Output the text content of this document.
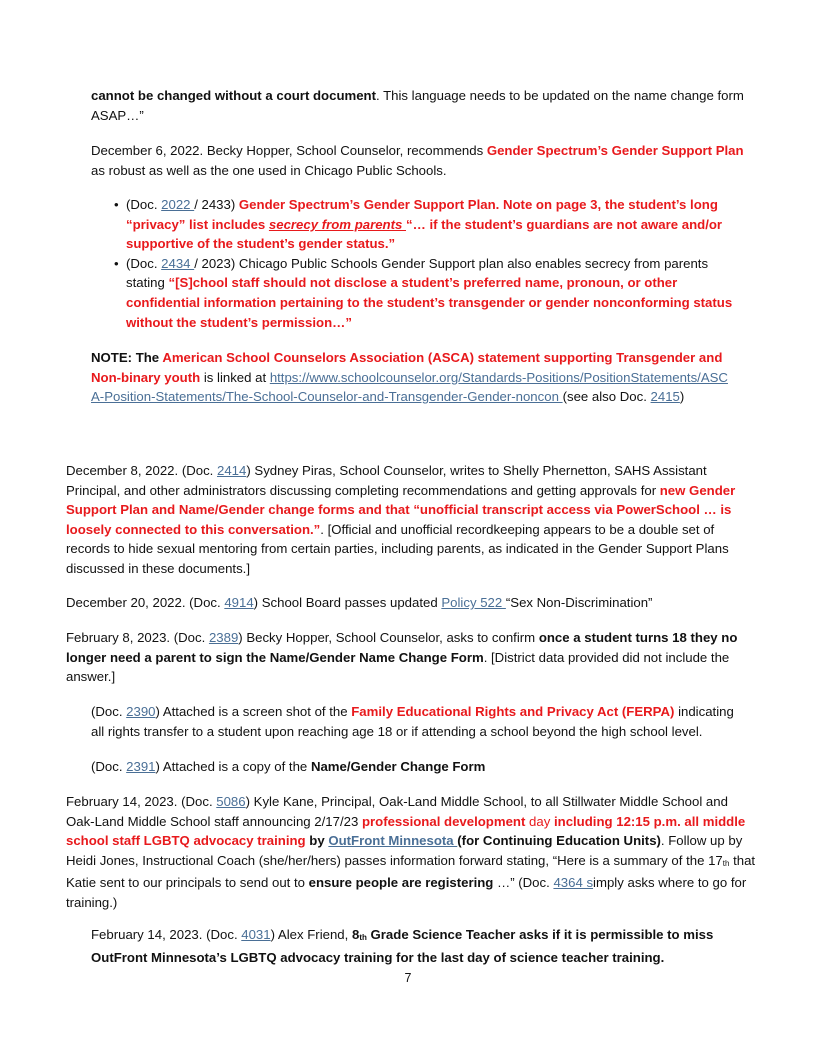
cannot be changed without a court document. This language needs to be updated on the name change form ASAP…”

December 6, 2022. Becky Hopper, School Counselor, recommends Gender Spectrum’s Gender Support Plan as robust as well as the one used in Chicago Public Schools.

• (Doc. 2022 / 2433) Gender Spectrum’s Gender Support Plan. Note on page 3, the student’s long “privacy” list includes secrecy from parents “… if the student’s guardians are not aware and/or supportive of the student’s gender status.”
• (Doc. 2434 / 2023) Chicago Public Schools Gender Support plan also enables secrecy from parents stating “[S]chool staff should not disclose a student’s preferred name, pronoun, or other confidential information pertaining to the student’s transgender or gender nonconforming status without the student’s permission…”

NOTE: The American School Counselors Association (ASCA) statement supporting Transgender and Non-binary youth is linked at https://www.schoolcounselor.org/Standards-Positions/PositionStatements/ASCA-Position-Statements/The-School-Counselor-and-Transgender-Gender-noncon (see also Doc. 2415)

December 8, 2022. (Doc. 2414) Sydney Piras, School Counselor, writes to Shelly Phernetton, SAHS Assistant Principal, and other administrators discussing completing recommendations and getting approvals for new Gender Support Plan and Name/Gender change forms and that “unofficial transcript access via PowerSchool … is loosely connected to this conversation.”. [Official and unofficial recordkeeping appears to be a double set of records to hide sexual mentoring from certain parties, including parents, as indicated in the Gender Support Plans discussed in these documents.]

December 20, 2022. (Doc. 4914) School Board passes updated Policy 522 “Sex Non-Discrimination”

February 8, 2023. (Doc. 2389) Becky Hopper, School Counselor, asks to confirm once a student turns 18 they no longer need a parent to sign the Name/Gender Name Change Form. [District data provided did not include the answer.]

(Doc. 2390) Attached is a screen shot of the Family Educational Rights and Privacy Act (FERPA) indicating all rights transfer to a student upon reaching age 18 or if attending a school beyond the high school level.

(Doc. 2391) Attached is a copy of the Name/Gender Change Form

February 14, 2023. (Doc. 5086) Kyle Kane, Principal, Oak-Land Middle School, to all Stillwater Middle School and Oak-Land Middle School staff announcing 2/17/23 professional development day including 12:15 p.m. all middle school staff LGBTQ advocacy training by OutFront Minnesota (for Continuing Education Units). Follow up by Heidi Jones, Instructional Coach (she/her/hers) passes information forward stating, “Here is a summary of the $17_{th}$ that Katie sent to our principals to send out to ensure people are registering …” (Doc. 4364 simply asks where to go for training.)

February 14, 2023. (Doc. 4031) Alex Friend, $8_{th}$ Grade Science Teacher asks if it is permissible to miss OutFront Minnesota’s LGBTQ advocacy training for the last day of science teacher training.

7
